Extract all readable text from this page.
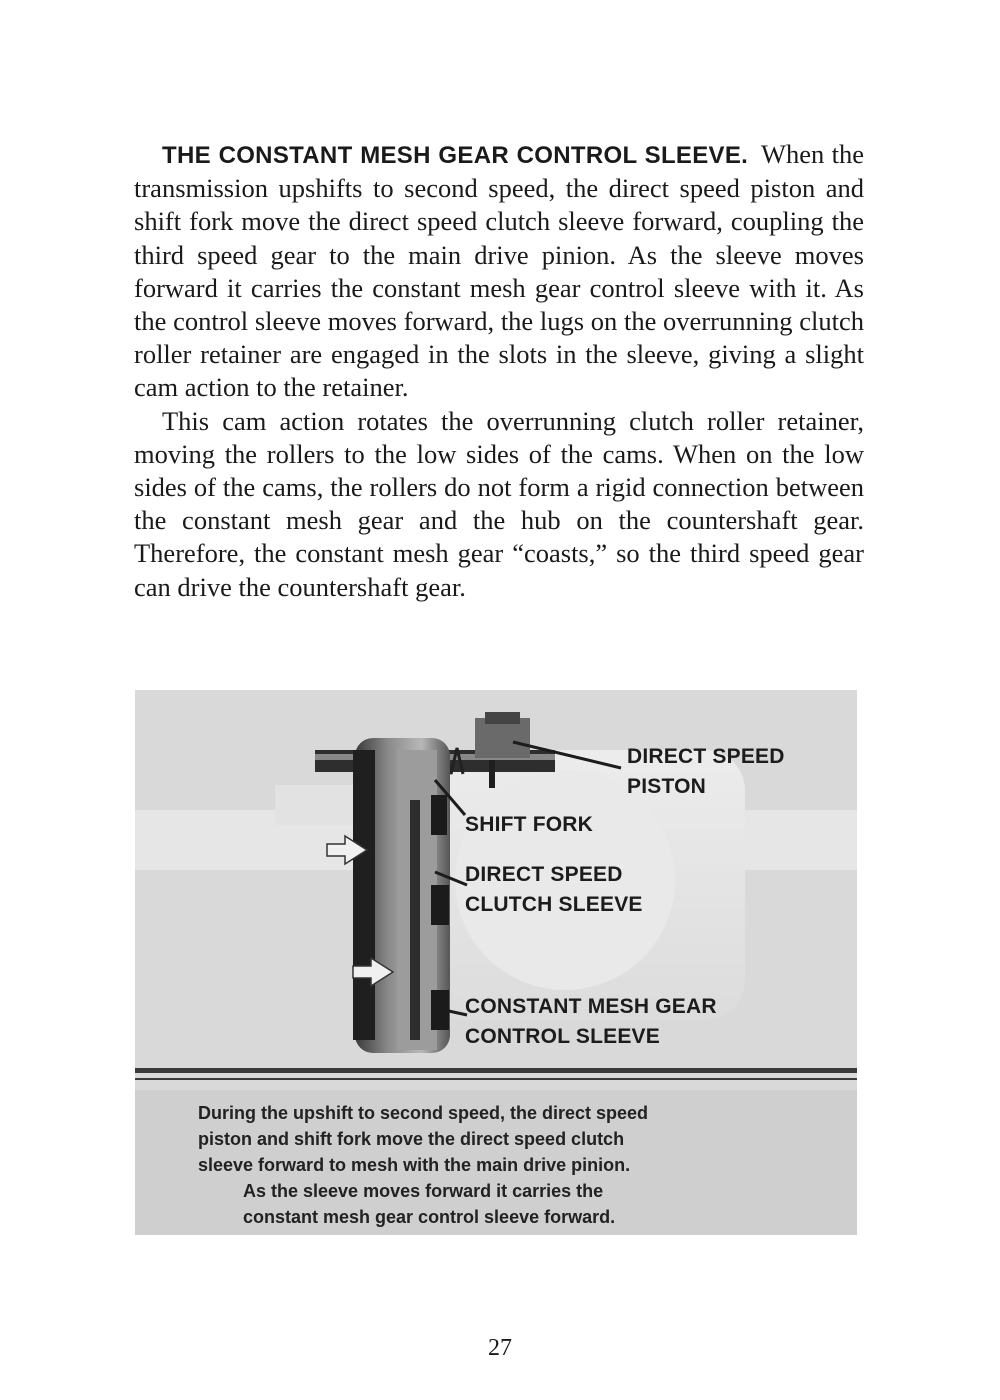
THE CONSTANT MESH GEAR CONTROL SLEEVE. When the transmission upshifts to second speed, the direct speed piston and shift fork move the direct speed clutch sleeve forward, coupling the third speed gear to the main drive pinion. As the sleeve moves forward it carries the constant mesh gear control sleeve with it. As the control sleeve moves forward, the lugs on the overrunning clutch roller retainer are engaged in the slots in the sleeve, giving a slight cam action to the retainer.

This cam action rotates the overrunning clutch roller retainer, moving the rollers to the low sides of the cams. When on the low sides of the cams, the rollers do not form a rigid connection between the constant mesh gear and the hub on the countershaft gear. Therefore, the constant mesh gear “coasts,” so the third speed gear can drive the countershaft gear.

DIRECT SPEED
PISTON
SHIFT FORK
DIRECT SPEED
CLUTCH SLEEVE
CONSTANT MESH GEAR
CONTROL SLEEVE
During the upshift to second speed, the direct speed
piston and shift fork move the direct speed clutch
sleeve forward to mesh with the main drive pinion.
As the sleeve moves forward it carries the
constant mesh gear control sleeve forward.
27
